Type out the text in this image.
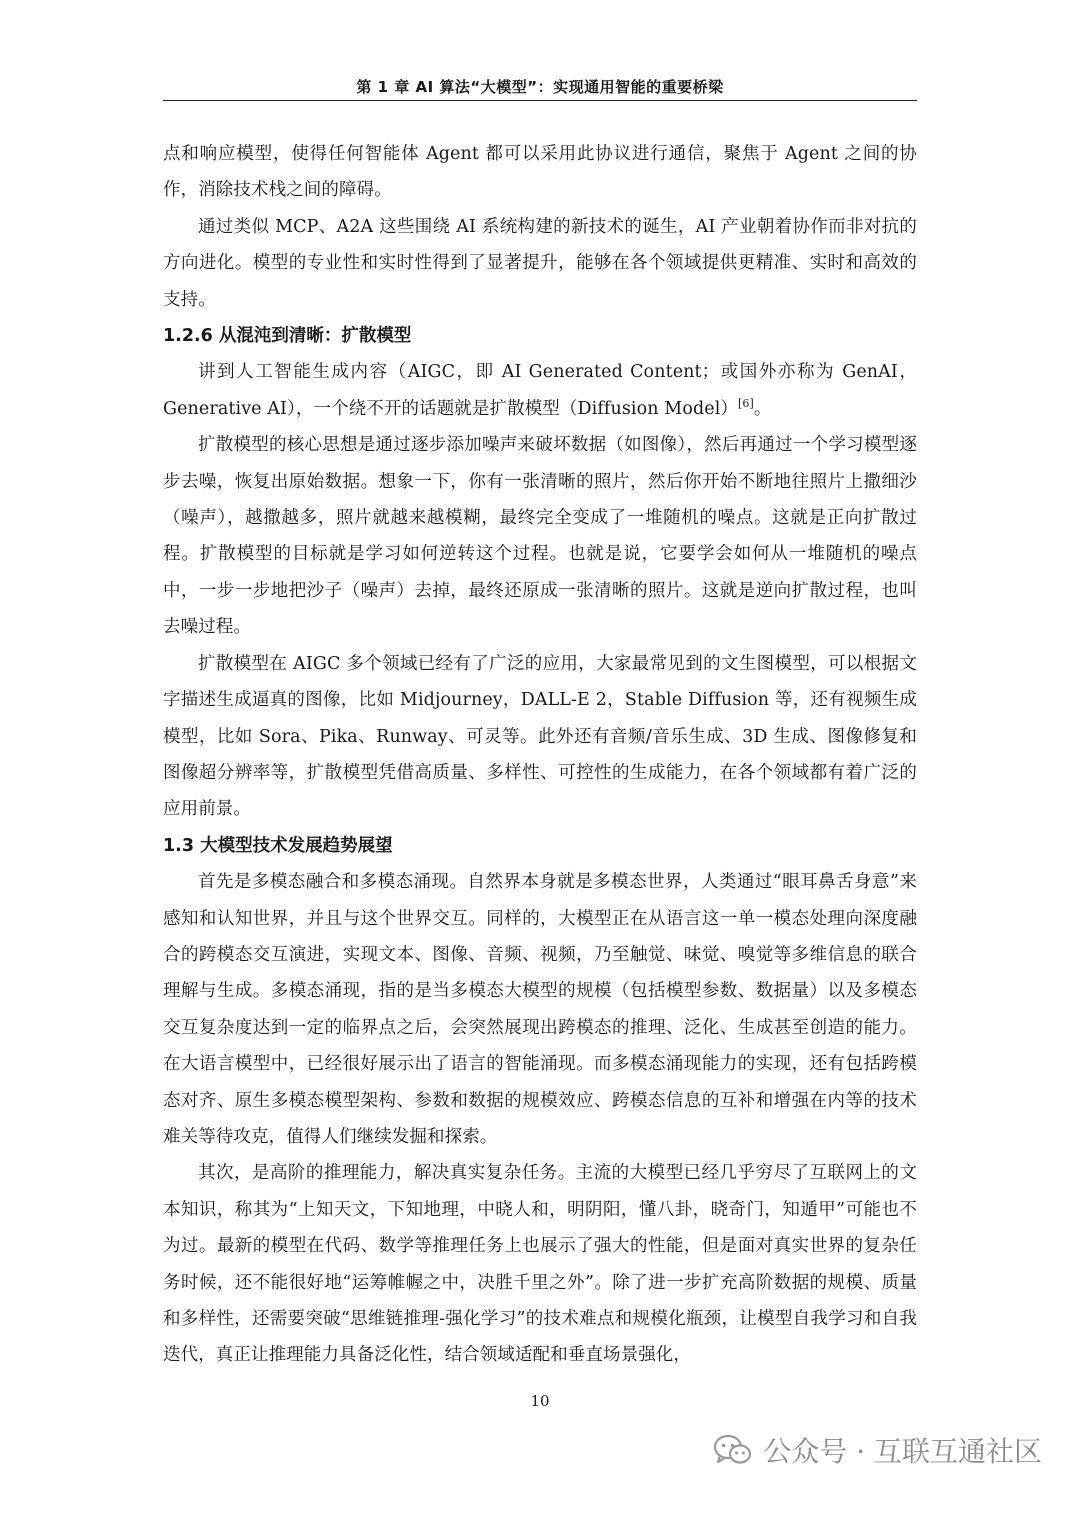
第 1 章 AI 算法“大模型”：实现通用智能的重要桥梁

点和响应模型，使得任何智能体 Agent 都可以采用此协议进行通信，聚焦于 Agent 之间的协作，消除技术栈之间的障碍。

通过类似 MCP、A2A 这些围绕 AI 系统构建的新技术的诞生，AI 产业朝着协作而非对抗的方向进化。模型的专业性和实时性得到了显著提升，能够在各个领域提供更精准、实时和高效的支持。

1.2.6 从混沌到清晰：扩散模型

讲到人工智能生成内容（AIGC，即 AI Generated Content；或国外亦称为 GenAI，Generative AI），一个绕不开的话题就是扩散模型（Diffusion Model）[6]。

扩散模型的核心思想是通过逐步添加噪声来破坏数据（如图像），然后再通过一个学习模型逐步去噪，恢复出原始数据。想象一下，你有一张清晰的照片，然后你开始不断地往照片上撒细沙（噪声），越撒越多，照片就越来越模糊，最终完全变成了一堆随机的噪点。这就是正向扩散过程。扩散模型的目标就是学习如何逆转这个过程。也就是说，它要学会如何从一堆随机的噪点中，一步一步地把沙子（噪声）去掉，最终还原成一张清晰的照片。这就是逆向扩散过程，也叫去噪过程。

扩散模型在 AIGC 多个领域已经有了广泛的应用，大家最常见到的文生图模型，可以根据文字描述生成逼真的图像，比如 Midjourney，DALL-E 2，Stable Diffusion 等，还有视频生成模型，比如 Sora、Pika、Runway、可灵等。此外还有音频/音乐生成、3D 生成、图像修复和图像超分辨率等，扩散模型凭借高质量、多样性、可控性的生成能力，在各个领域都有着广泛的应用前景。

1.3 大模型技术发展趋势展望

首先是多模态融合和多模态涌现。自然界本身就是多模态世界，人类通过“眼耳鼻舌身意”来感知和认知世界，并且与这个世界交互。同样的，大模型正在从语言这一单一模态处理向深度融合的跨模态交互演进，实现文本、图像、音频、视频，乃至触觉、味觉、嗅觉等多维信息的联合理解与生成。多模态涌现，指的是当多模态大模型的规模（包括模型参数、数据量）以及多模态交互复杂度达到一定的临界点之后，会突然展现出跨模态的推理、泛化、生成甚至创造的能力。在大语言模型中，已经很好展示出了语言的智能涌现。而多模态涌现能力的实现，还有包括跨模态对齐、原生多模态模型架构、参数和数据的规模效应、跨模态信息的互补和增强在内等的技术难关等待攻克，值得人们继续发掘和探索。

其次，是高阶的推理能力，解决真实复杂任务。主流的大模型已经几乎穷尽了互联网上的文本知识，称其为“上知天文，下知地理，中晓人和，明阴阳，懂八卦，晓奇门，知遁甲”可能也不为过。最新的模型在代码、数学等推理任务上也展示了强大的性能，但是面对真实世界的复杂任务时候，还不能很好地“运筹帷幄之中，决胜千里之外”。除了进一步扩充高阶数据的规模、质量和多样性，还需要突破“思维链推理-强化学习”的技术难点和规模化瓶颈，让模型自我学习和自我迭代，真正让推理能力具备泛化性，结合领域适配和垂直场景强化，

10
公众号 · 互联互通社区
